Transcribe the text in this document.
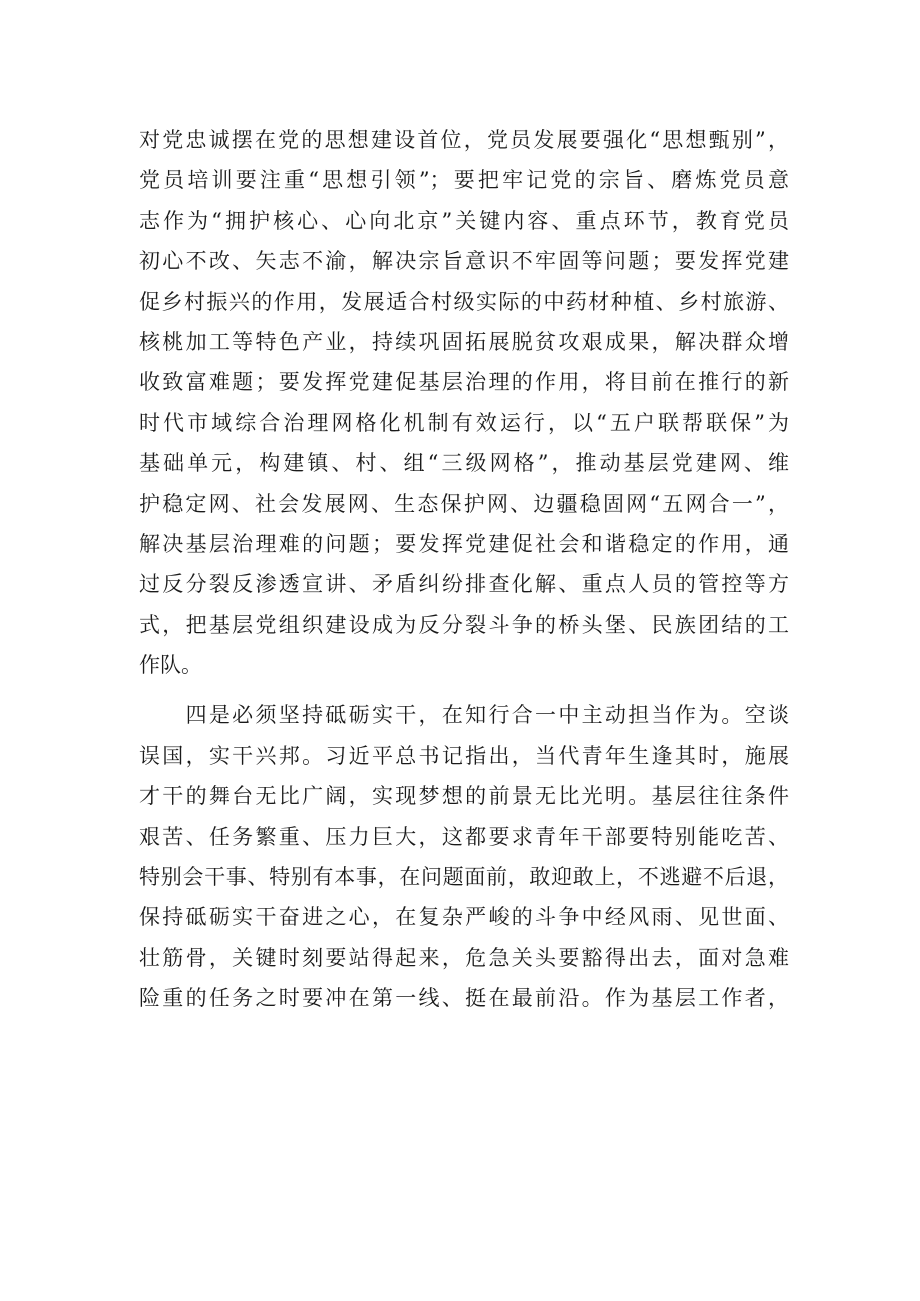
对党忠诚摆在党的思想建设首位，党员发展要强化“思想甄别”，
党员培训要注重“思想引领”；要把牢记党的宗旨、磨炼党员意
志作为“拥护核心、心向北京”关键内容、重点环节，教育党员
初心不改、矢志不渝，解决宗旨意识不牢固等问题；要发挥党建
促乡村振兴的作用，发展适合村级实际的中药材种植、乡村旅游、
核桃加工等特色产业，持续巩固拓展脱贫攻艰成果，解决群众增
收致富难题；要发挥党建促基层治理的作用，将目前在推行的新
时代市域综合治理网格化机制有效运行，以“五户联帮联保”为
基础单元，构建镇、村、组“三级网格”，推动基层党建网、维
护稳定网、社会发展网、生态保护网、边疆稳固网“五网合一”，
解决基层治理难的问题；要发挥党建促社会和谐稳定的作用，通
过反分裂反渗透宣讲、矛盾纠纷排查化解、重点人员的管控等方
式，把基层党组织建设成为反分裂斗争的桥头堡、民族团结的工
作队。
　　四是必须坚持砥砺实干，在知行合一中主动担当作为。空谈
误国，实干兴邦。习近平总书记指出，当代青年生逢其时，施展
才干的舞台无比广阔，实现梦想的前景无比光明。基层往往条件
艰苦、任务繁重、压力巨大，这都要求青年干部要特别能吃苦、
特别会干事、特别有本事，在问题面前，敢迎敢上，不逃避不后退，
保持砥砺实干奋进之心，在复杂严峻的斗争中经风雨、见世面、
壮筋骨，关键时刻要站得起来，危急关头要豁得出去，面对急难
险重的任务之时要冲在第一线、挺在最前沿。作为基层工作者，
